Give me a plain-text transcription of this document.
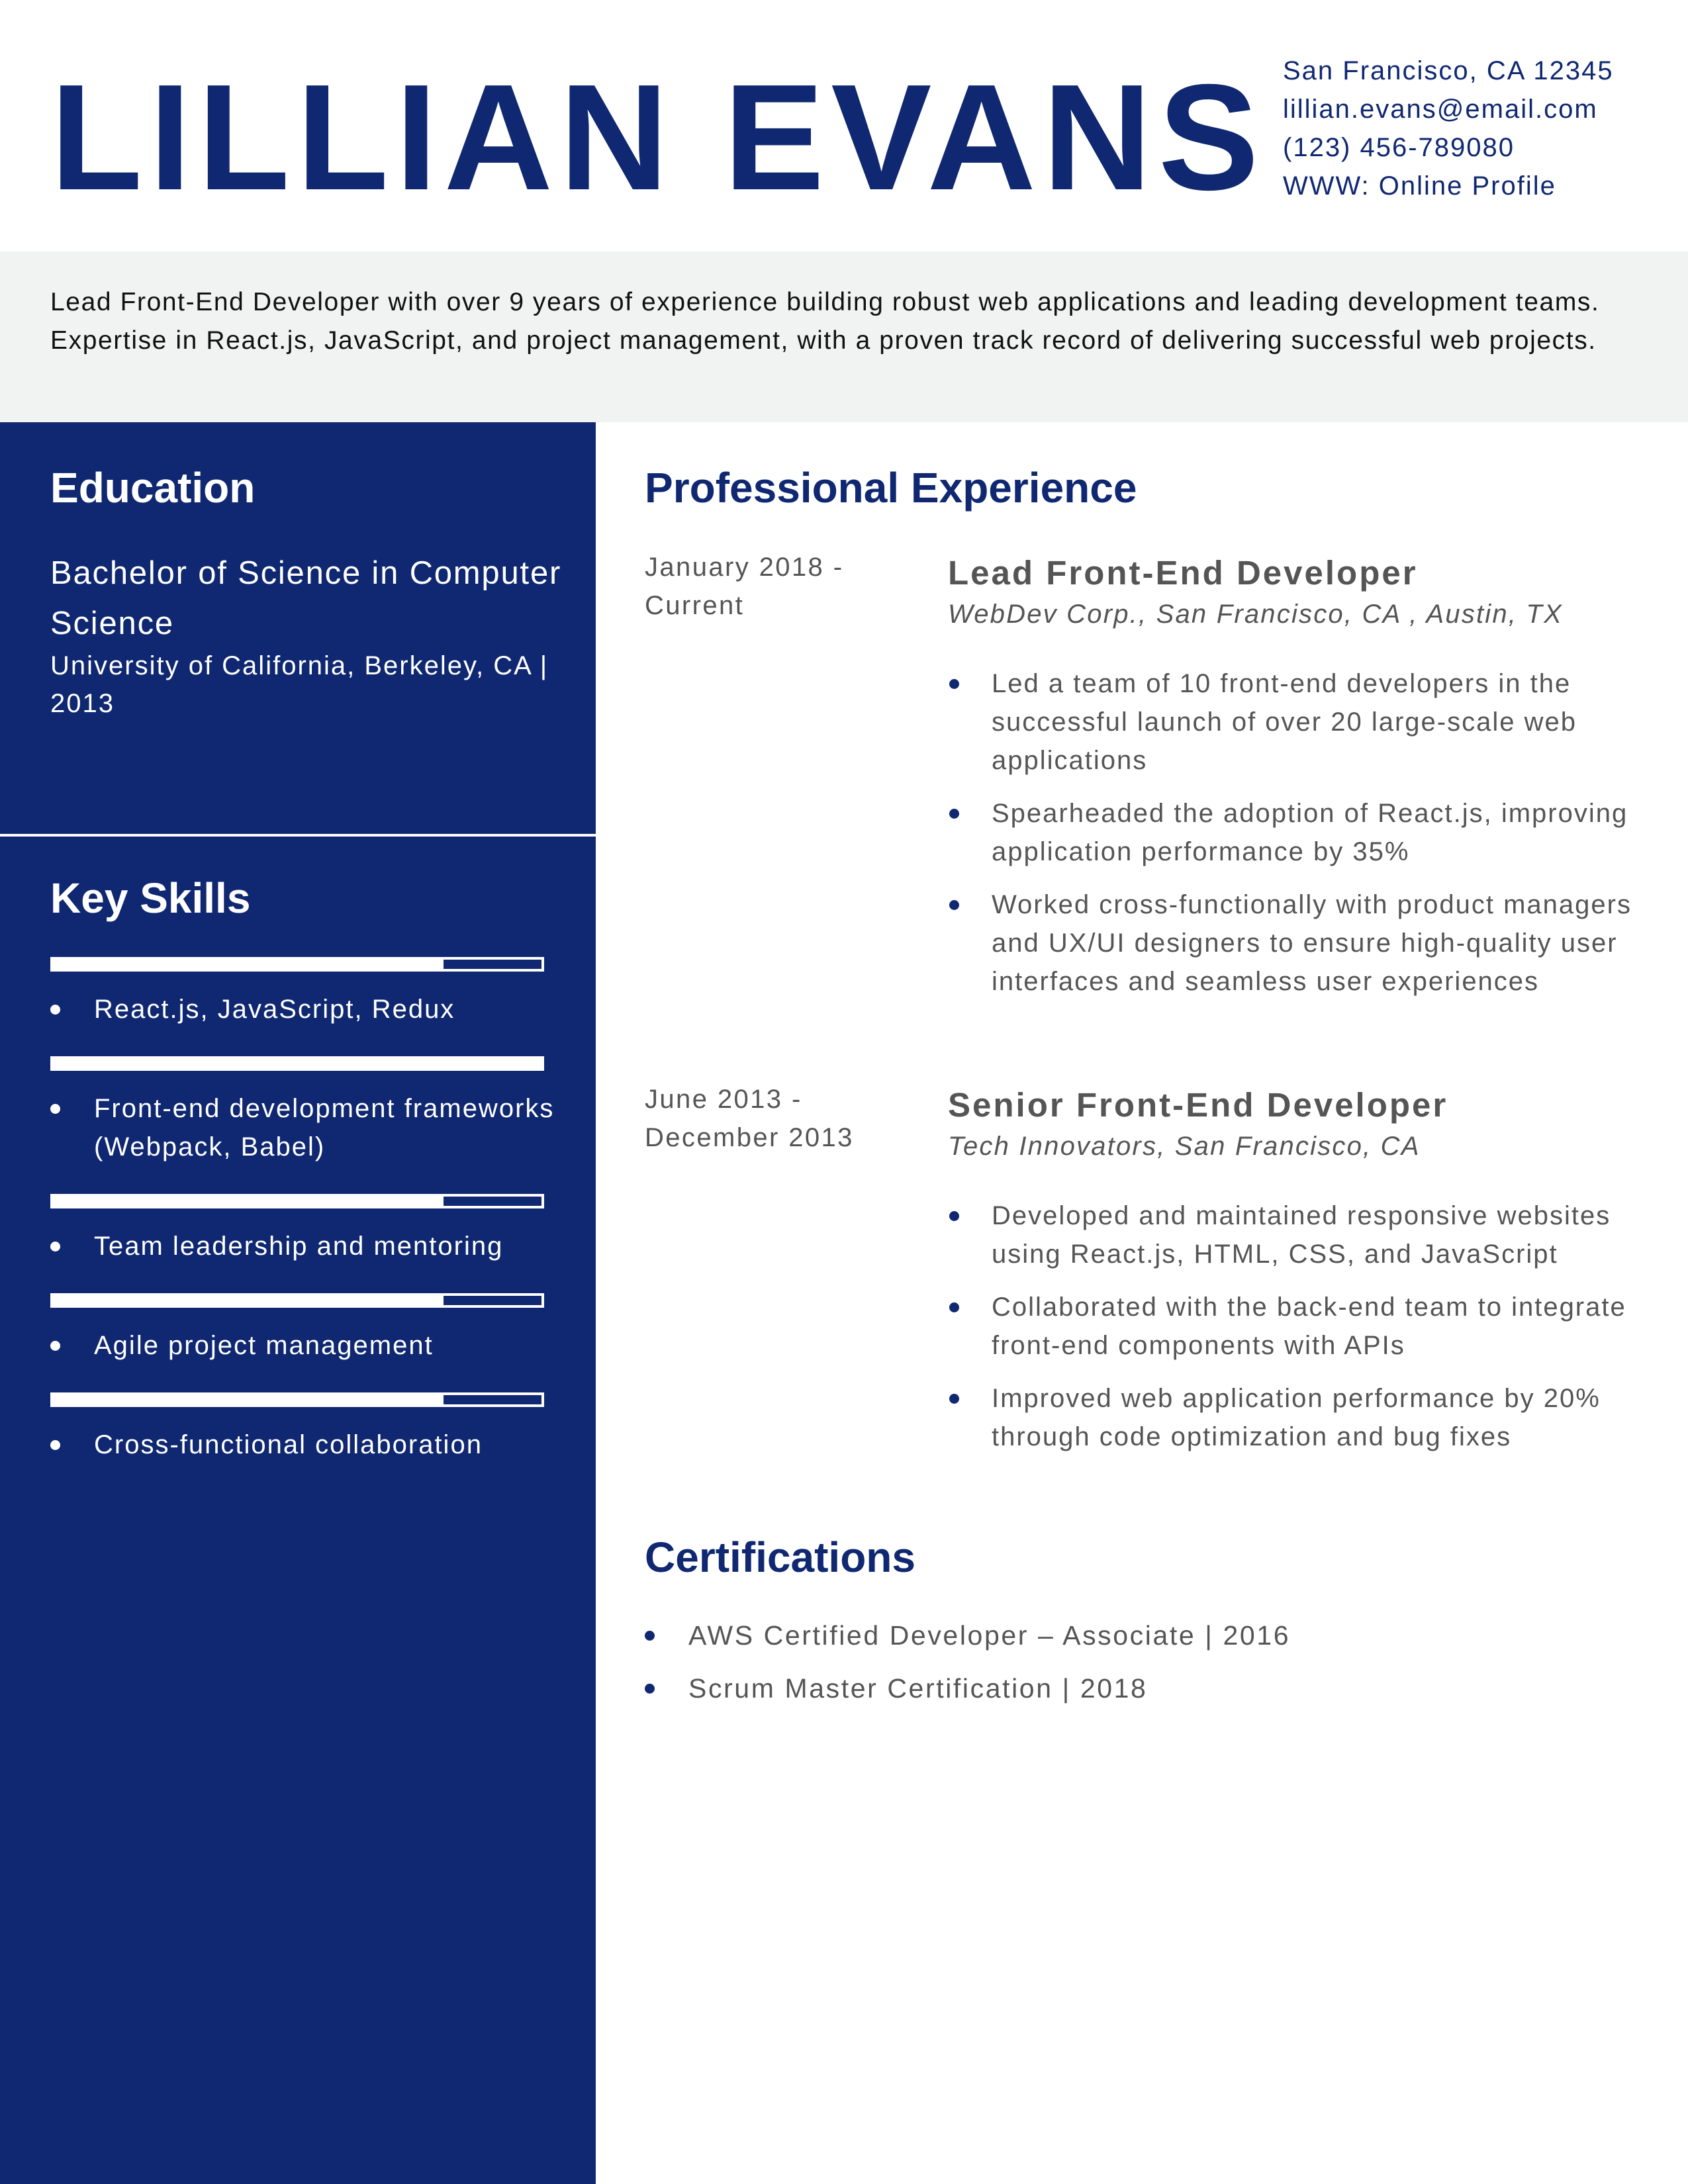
LILLIAN EVANS San Francisco, CA 12345
lillian.evans@email.com
(123) 456-789080
WWW: Online Profile

Lead Front-End Developer with over 9 years of experience building robust web applications and leading development teams. Expertise in React.js, JavaScript, and project management, with a proven track record of delivering successful web projects.

Education
Bachelor of Science in Computer Science
University of California, Berkeley, CA | 2013
Key Skills
React.js, JavaScript, Redux
Front-end development frameworks (Webpack, Babel)
Team leadership and mentoring
Agile project management
Cross-functional collaboration
Professional Experience
January 2018 - Current
Lead Front-End Developer
WebDev Corp., San Francisco, CA , Austin, TX
Led a team of 10 front-end developers in the successful launch of over 20 large-scale web applications
Spearheaded the adoption of React.js, improving application performance by 35%
Worked cross-functionally with product managers and UX/UI designers to ensure high-quality user interfaces and seamless user experiences
June 2013 - December 2013
Senior Front-End Developer
Tech Innovators, San Francisco, CA
Developed and maintained responsive websites using React.js, HTML, CSS, and JavaScript
Collaborated with the back-end team to integrate front-end components with APIs
Improved web application performance by 20% through code optimization and bug fixes
Certifications
AWS Certified Developer – Associate | 2016
Scrum Master Certification | 2018
